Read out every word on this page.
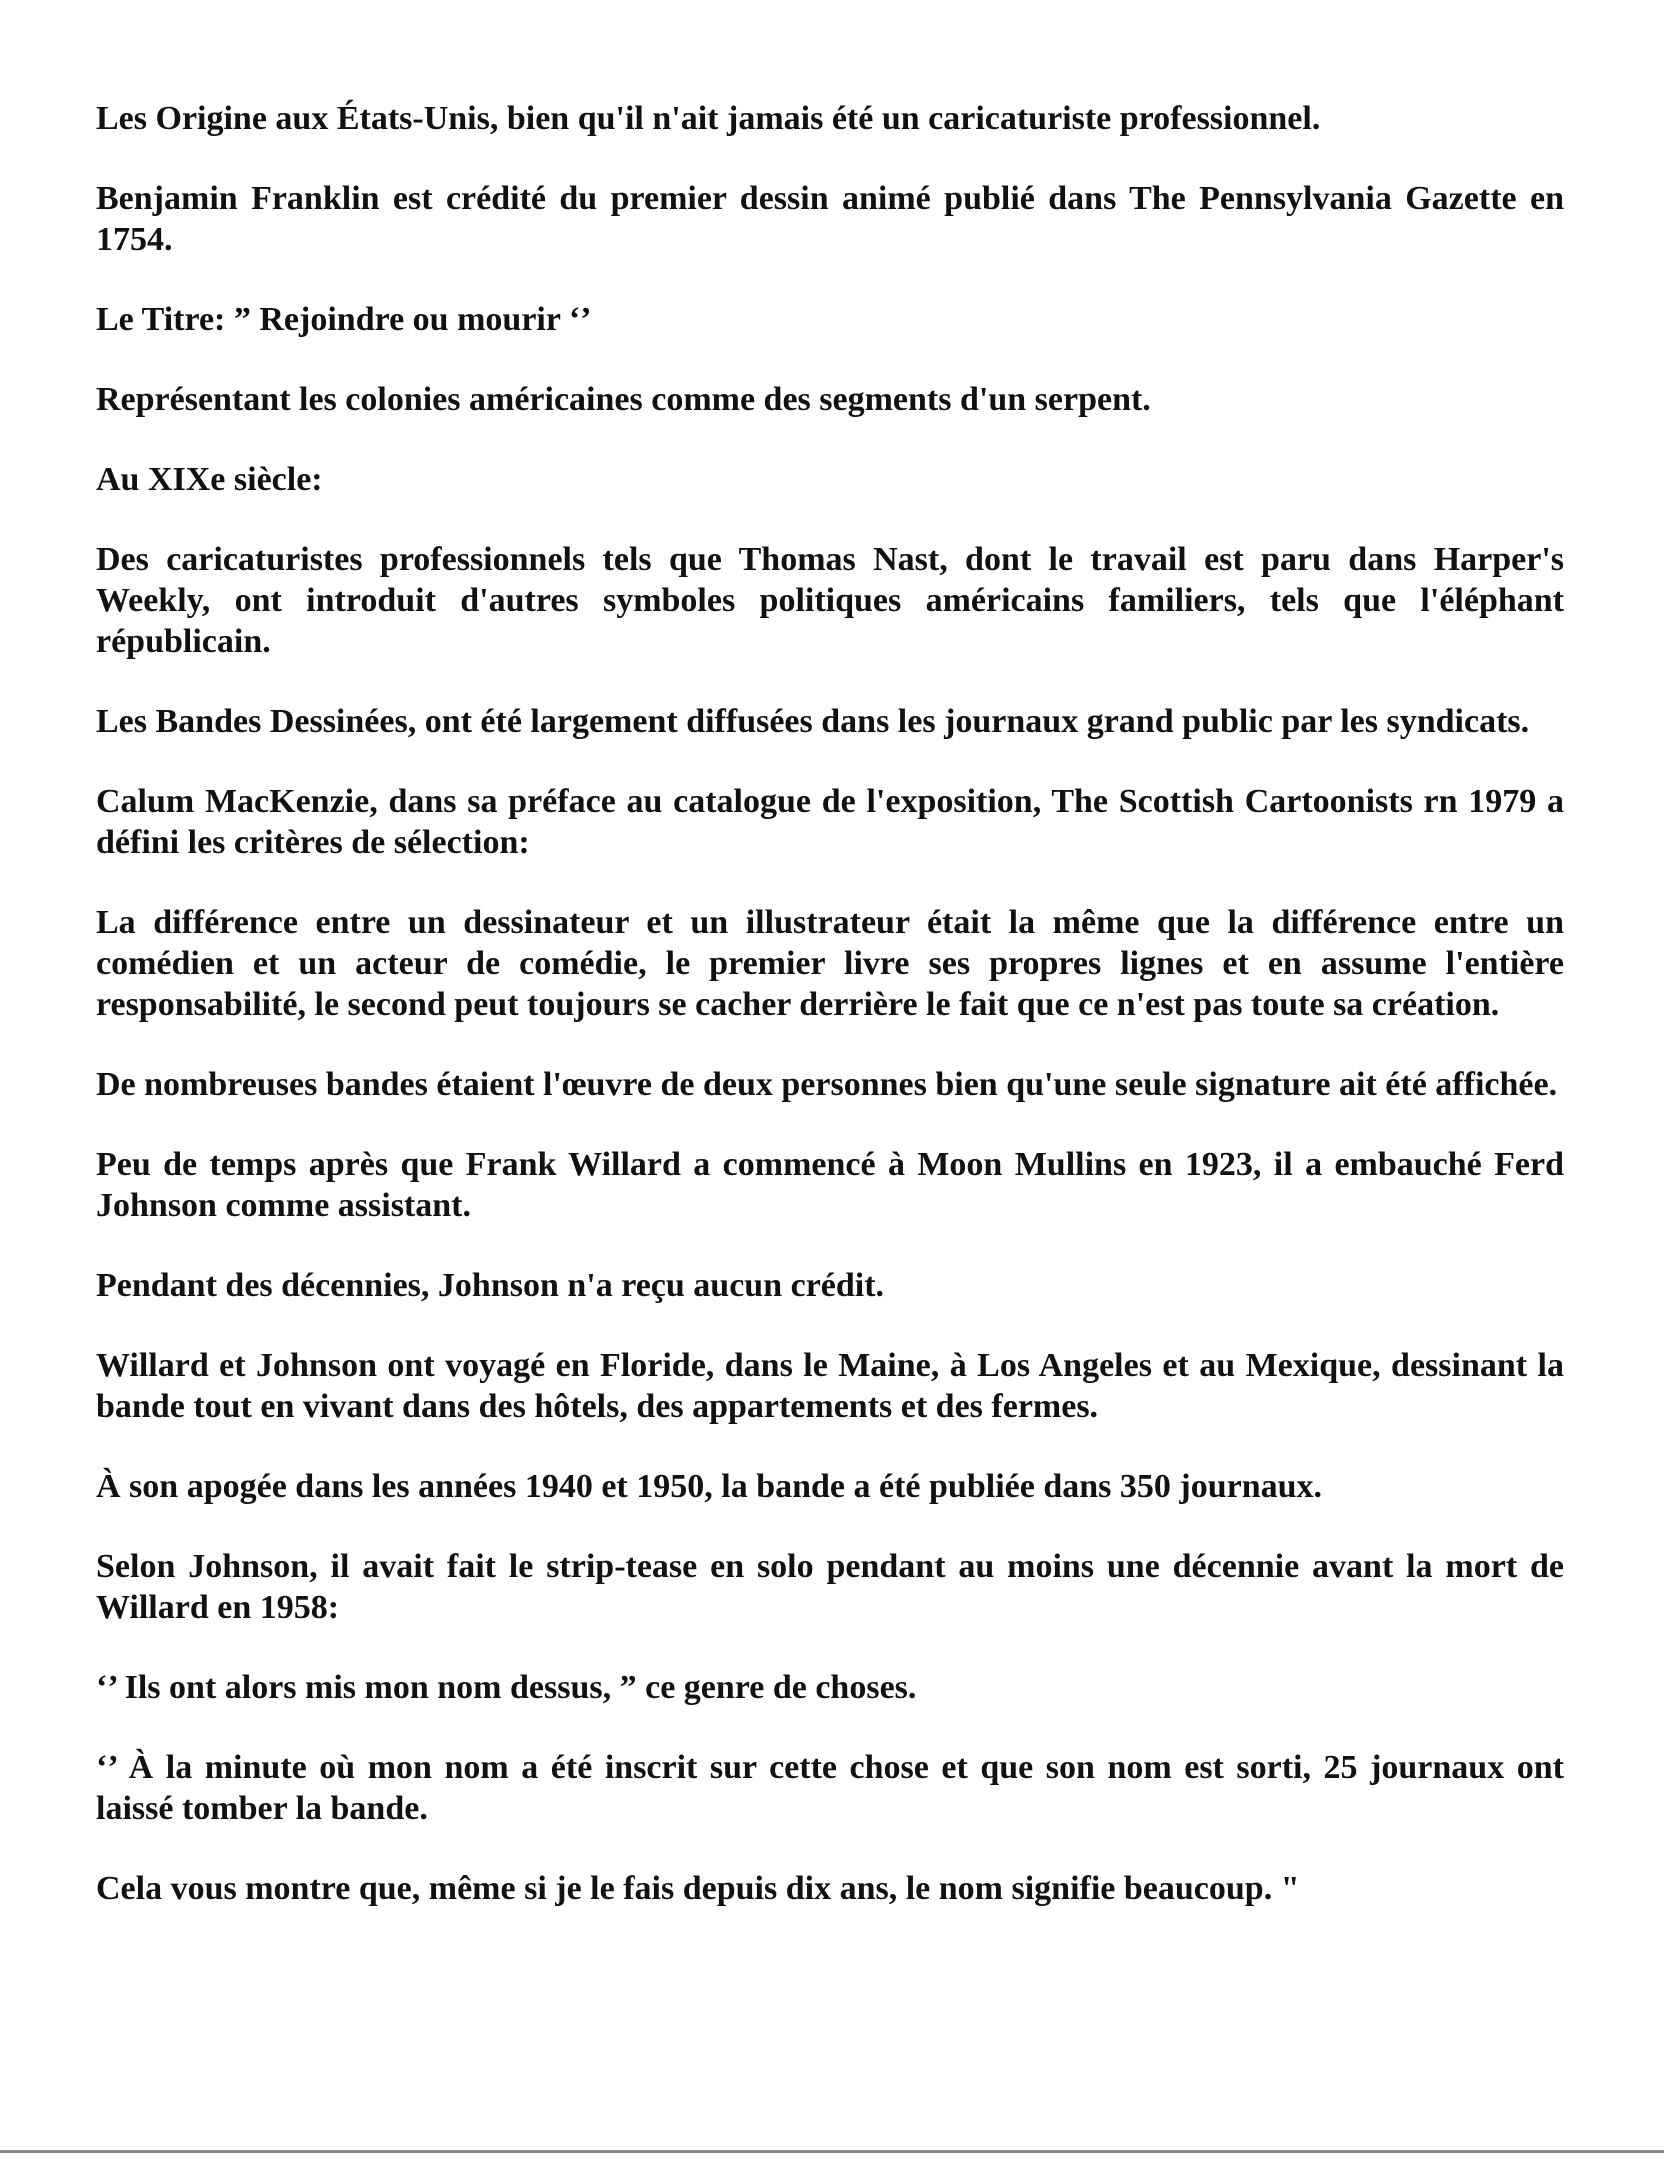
Les Origine aux États-Unis, bien qu'il n'ait jamais été un caricaturiste professionnel.

Benjamin Franklin est crédité du premier dessin animé publié dans The Pennsylvania Gazette en 1754.

Le Titre: ” Rejoindre ou mourir ‘’

Représentant les colonies américaines comme des segments d'un serpent.

Au XIXe siècle:

Des caricaturistes professionnels tels que Thomas Nast, dont le travail est paru dans Harper's Weekly, ont introduit d'autres symboles politiques américains familiers, tels que l'éléphant républicain.

Les Bandes Dessinées, ont été largement diffusées dans les journaux grand public par les syndicats.

Calum MacKenzie, dans sa préface au catalogue de l'exposition, The Scottish Cartoonists rn 1979 a défini les critères de sélection:

La différence entre un dessinateur et un illustrateur était la même que la différence entre un comédien et un acteur de comédie, le premier livre ses propres lignes et en assume l'entière responsabilité, le second peut toujours se cacher derrière le fait que ce n'est pas toute sa création.

De nombreuses bandes étaient l'œuvre de deux personnes bien qu'une seule signature ait été affichée.

Peu de temps après que Frank Willard a commencé à Moon Mullins en 1923, il a embauché Ferd Johnson comme assistant.

Pendant des décennies, Johnson n'a reçu aucun crédit.

Willard et Johnson ont voyagé en Floride, dans le Maine, à Los Angeles et au Mexique, dessinant la bande tout en vivant dans des hôtels, des appartements et des fermes.

À son apogée dans les années 1940 et 1950, la bande a été publiée dans 350 journaux.

Selon Johnson, il avait fait le strip-tease en solo pendant au moins une décennie avant la mort de Willard en 1958:

‘’ Ils ont alors mis mon nom dessus, ” ce genre de choses.

‘’ À la minute où mon nom a été inscrit sur cette chose et que son nom est sorti, 25 journaux ont laissé tomber la bande.

Cela vous montre que, même si je le fais depuis dix ans, le nom signifie beaucoup. "
